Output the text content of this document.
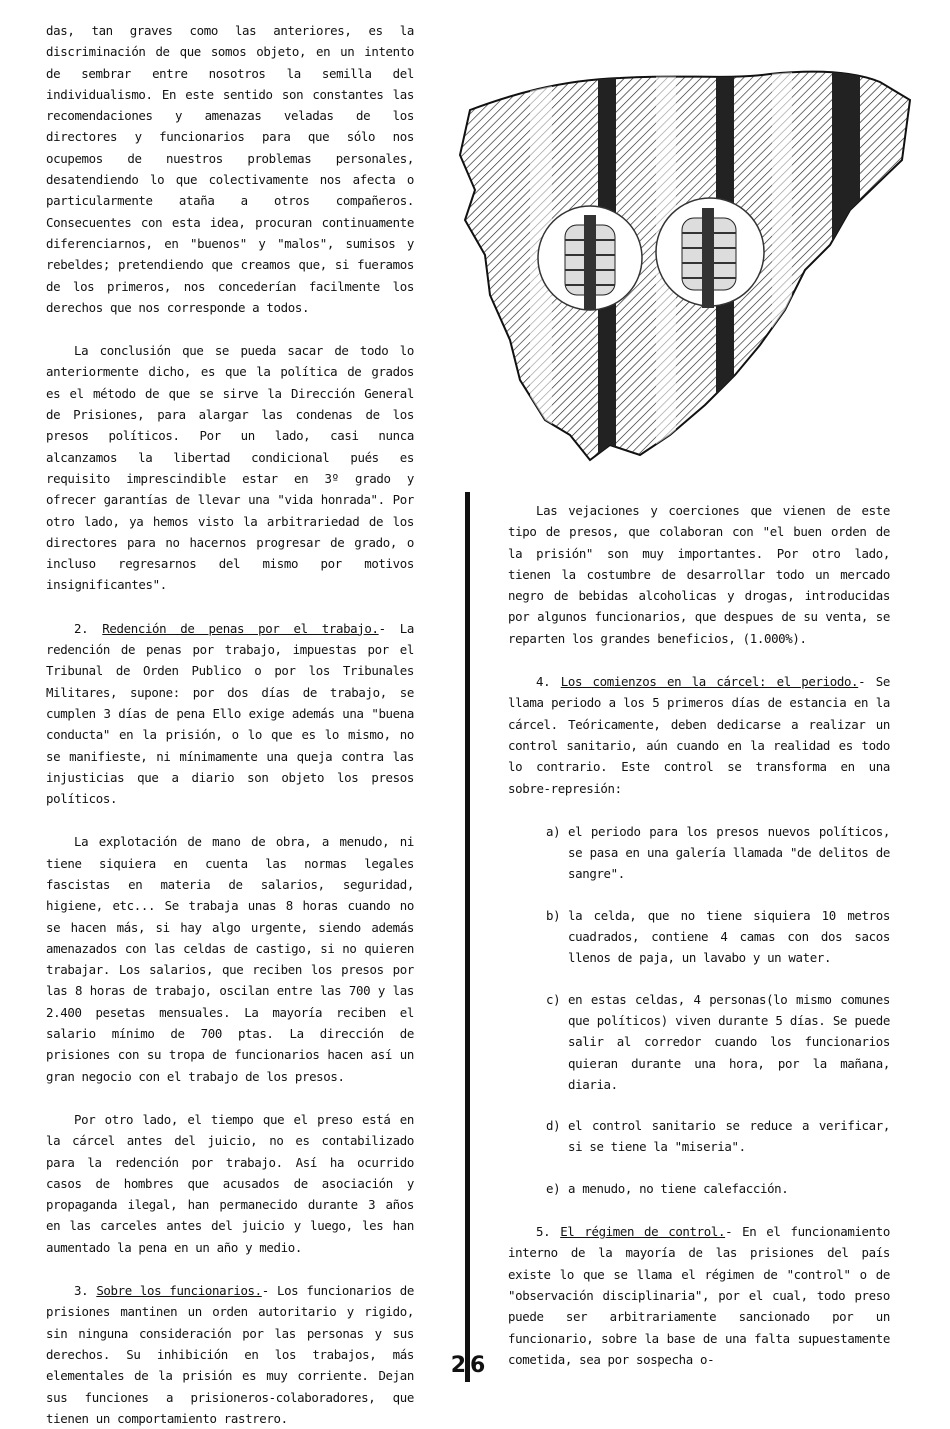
das, tan graves como las anteriores, es la discriminación de que somos objeto, en un intento de sembrar entre nosotros la semilla del individualismo. En este sentido son constantes las recomendaciones y amenazas veladas de los directores y funcionarios para que sólo nos ocupemos de nuestros problemas personales, desatendiendo lo que colectivamente nos afecta o particularmente ataña a otros compañeros. Consecuentes con esta idea, procuran continuamente diferenciarnos, en "buenos" y "malos", sumisos y rebeldes; pretendiendo que creamos que, si fueramos de los primeros, nos concederían facilmente los derechos que nos corresponde a todos.

La conclusión que se pueda sacar de todo lo anteriormente dicho, es que la política de grados es el método de que se sirve la Dirección General de Prisiones, para alargar las condenas de los presos políticos. Por un lado, casi nunca alcanzamos la libertad condicional pués es requisito imprescindible estar en 3º grado y ofrecer garantías de llevar una "vida honrada". Por otro lado, ya hemos visto la arbitrariedad de los directores para no hacernos progresar de grado, o incluso regresarnos del mismo por motivos insignificantes".

2. Redención de penas por el trabajo.- La redención de penas por trabajo, impuestas por el Tribunal de Orden Publico o por los Tribunales Militares, supone: por dos días de trabajo, se cumplen 3 días de pena Ello exige además una "buena conducta" en la prisión, o lo que es lo mismo, no se manifieste, ni mínimamente una queja contra las injusticias que a diario son objeto los presos políticos.

La explotación de mano de obra, a menudo, ni tiene siquiera en cuenta las normas legales fascistas en materia de salarios, seguridad, higiene, etc... Se trabaja unas 8 horas cuando no se hacen más, si hay algo urgente, siendo además amenazados con las celdas de castigo, si no quieren trabajar. Los salarios, que reciben los presos por las 8 horas de trabajo, oscilan entre las 700 y las 2.400 pesetas mensuales. La mayoría reciben el salario mínimo de 700 ptas. La dirección de prisiones con su tropa de funcionarios hacen así un gran negocio con el trabajo de los presos.

Por otro lado, el tiempo que el preso está en la cárcel antes del juicio, no es contabilizado para la redención por trabajo. Así ha ocurrido casos de hombres que acusados de asociación y propaganda ilegal, han permanecido durante 3 años en las carceles antes del juicio y luego, les han aumentado la pena en un año y medio.

3. Sobre los funcionarios.- Los funcionarios de prisiones mantinen un orden autoritario y rigido, sin ninguna consideración por las personas y sus derechos. Su inhibición en los trabajos, más elementales de la prisión es muy corriente. Dejan sus funciones a prisioneros-colaboradores, que tienen un comportamiento rastrero.

Las vejaciones y coerciones que vienen de este tipo de presos, que colaboran con "el buen orden de la prisión" son muy importantes. Por otro lado, tienen la costumbre de desarrollar todo un mercado negro de bebidas alcoholicas y drogas, introducidas por algunos funcionarios, que despues de su venta, se reparten los grandes beneficios, (1.000%).

4. Los comienzos en la cárcel: el periodo.- Se llama periodo a los 5 primeros días de estancia en la cárcel. Teóricamente, deben dedicarse a realizar un control sanitario, aún cuando en la realidad es todo lo contrario. Este control se transforma en una sobre-represión:

a) el periodo para los presos nuevos políticos, se pasa en una galería llamada "de delitos de sangre".
b) la celda, que no tiene siquiera 10 metros cuadrados, contiene 4 camas con dos sacos llenos de paja, un lavabo y un water.
c) en estas celdas, 4 personas(lo mismo comunes que políticos) viven durante 5 días. Se puede salir al corredor cuando los funcionarios quieran durante una hora, por la mañana, diaria.
d) el control sanitario se reduce a verificar, si se tiene la "miseria".
e) a menudo, no tiene calefacción.

5. El régimen de control.- En el funcionamiento interno de la mayoría de las prisiones del país existe lo que se llama el régimen de "control" o de "observación disciplinaria", por el cual, todo preso puede ser arbitrariamente sancionado por un funcionario, sobre la base de una falta supuestamente cometida, sea por sospecha o-

26
